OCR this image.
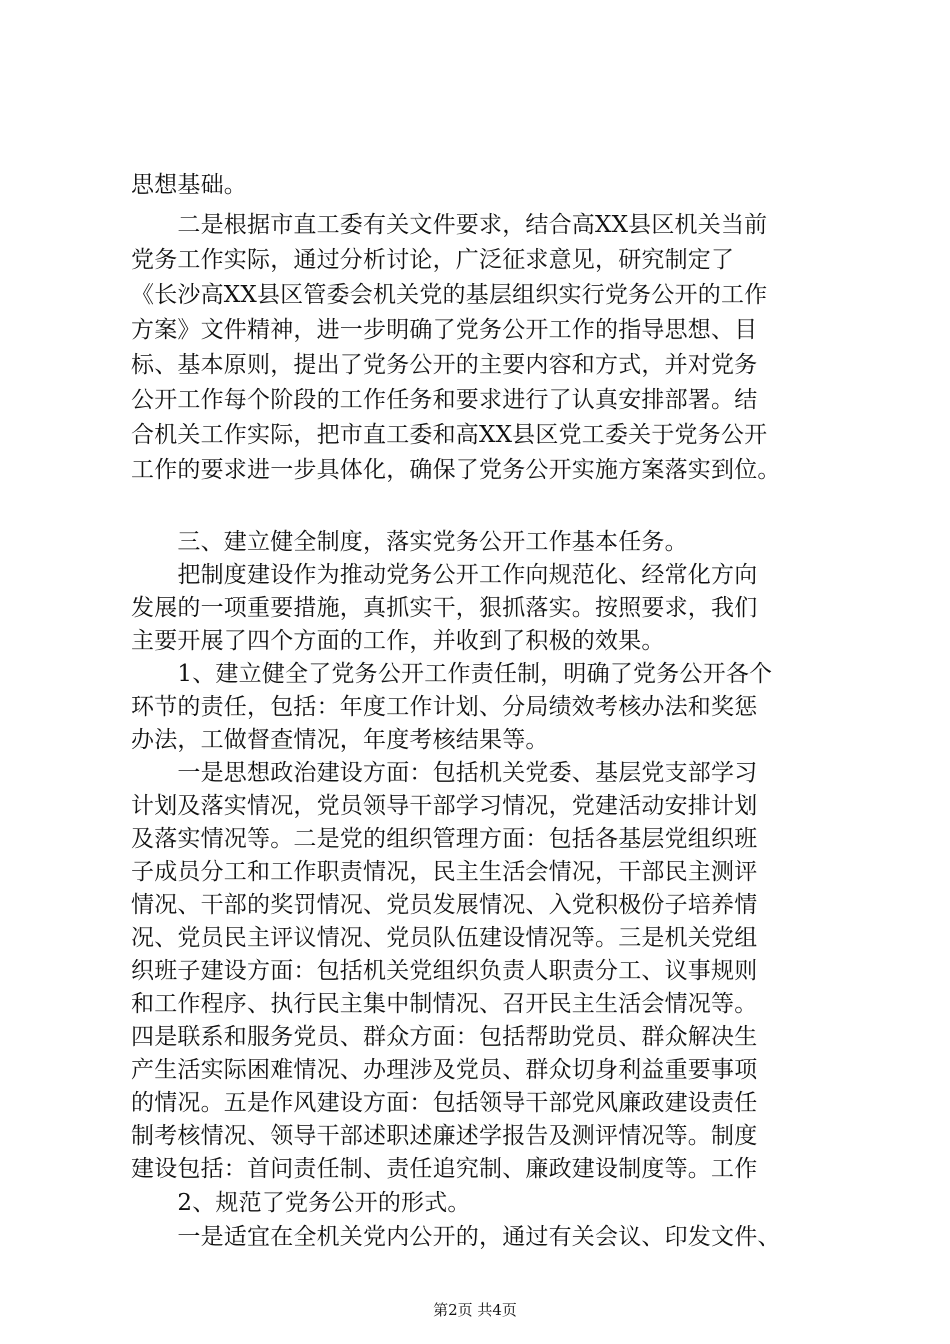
思想基础。
　　二是根据市直工委有关文件要求，结合高XX县区机关当前
党务工作实际，通过分析讨论，广泛征求意见，研究制定了
《长沙高XX县区管委会机关党的基层组织实行党务公开的工作
方案》文件精神，进一步明确了党务公开工作的指导思想、目
标、基本原则，提出了党务公开的主要内容和方式，并对党务
公开工作每个阶段的工作任务和要求进行了认真安排部署。结
合机关工作实际，把市直工委和高XX县区党工委关于党务公开
工作的要求进一步具体化，确保了党务公开实施方案落实到位。
　　三、建立健全制度，落实党务公开工作基本任务。
　　把制度建设作为推动党务公开工作向规范化、经常化方向
发展的一项重要措施，真抓实干，狠抓落实。按照要求，我们
主要开展了四个方面的工作，并收到了积极的效果。
　　1、建立健全了党务公开工作责任制，明确了党务公开各个
环节的责任，包括：年度工作计划、分局绩效考核办法和奖惩
办法，工做督查情况，年度考核结果等。
　　一是思想政治建设方面：包括机关党委、基层党支部学习
计划及落实情况，党员领导干部学习情况，党建活动安排计划
及落实情况等。二是党的组织管理方面：包括各基层党组织班
子成员分工和工作职责情况，民主生活会情况，干部民主测评
情况、干部的奖罚情况、党员发展情况、入党积极份子培养情
况、党员民主评议情况、党员队伍建设情况等。三是机关党组
织班子建设方面：包括机关党组织负责人职责分工、议事规则
和工作程序、执行民主集中制情况、召开民主生活会情况等。
四是联系和服务党员、群众方面：包括帮助党员、群众解决生
产生活实际困难情况、办理涉及党员、群众切身利益重要事项
的情况。五是作风建设方面：包括领导干部党风廉政建设责任
制考核情况、领导干部述职述廉述学报告及测评情况等。制度
建设包括：首问责任制、责任追究制、廉政建设制度等。工作
　　2、规范了党务公开的形式。
　　一是适宜在全机关党内公开的，通过有关会议、印发文件、
第2页 共4页
